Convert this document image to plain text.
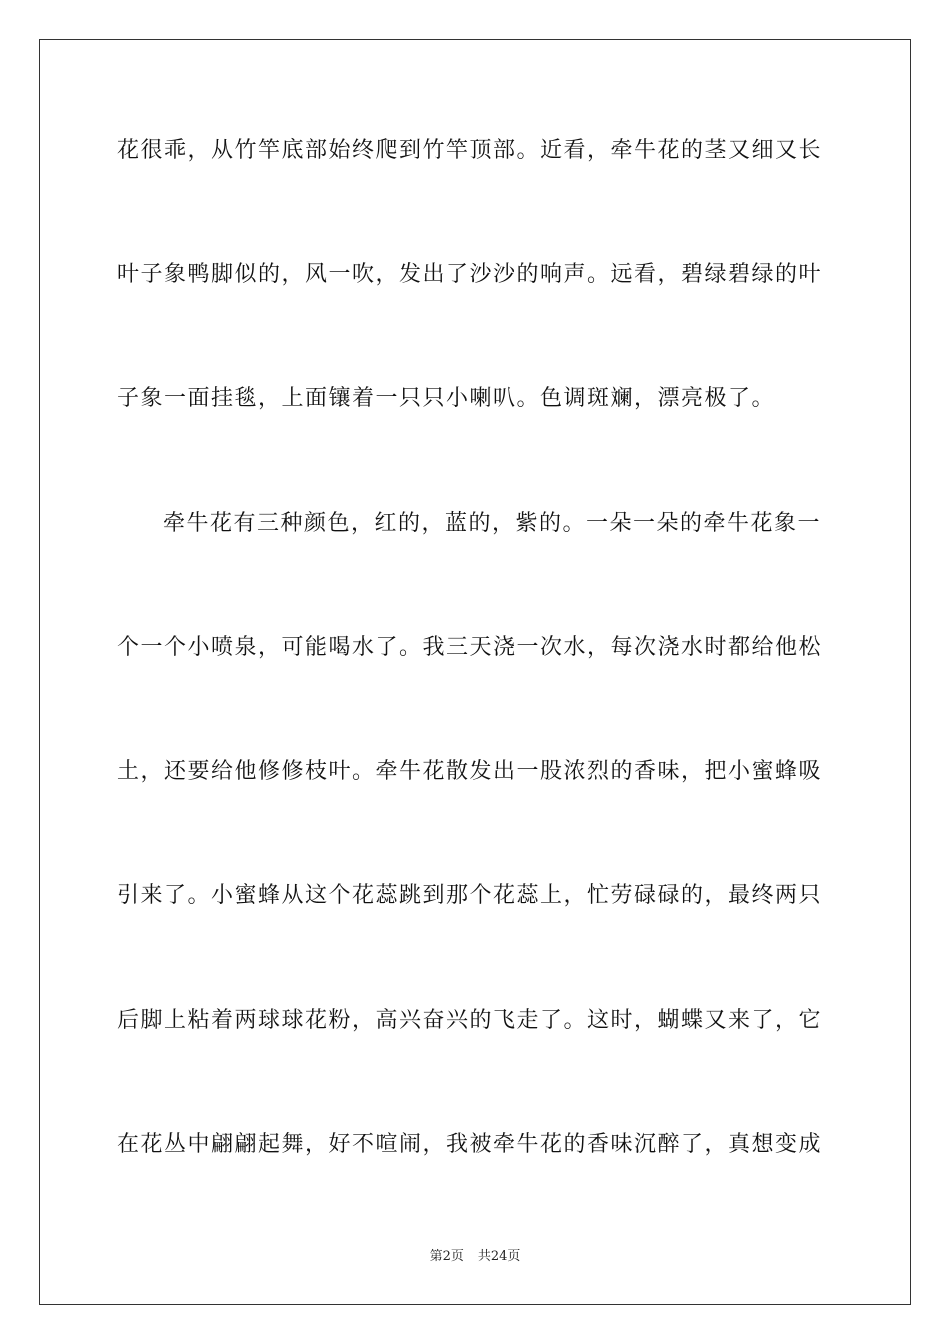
花很乖，从竹竿底部始终爬到竹竿顶部。近看，牵牛花的茎又细又长
叶子象鸭脚似的，风一吹，发出了沙沙的响声。远看，碧绿碧绿的叶
子象一面挂毯，上面镶着一只只小喇叭。色调斑斓，漂亮极了。
牵牛花有三种颜色，红的，蓝的，紫的。一朵一朵的牵牛花象一
个一个小喷泉，可能喝水了。我三天浇一次水，每次浇水时都给他松
土，还要给他修修枝叶。牵牛花散发出一股浓烈的香味，把小蜜蜂吸
引来了。小蜜蜂从这个花蕊跳到那个花蕊上，忙劳碌碌的，最终两只
后脚上粘着两球球花粉，高兴奋兴的飞走了。这时，蝴蝶又来了，它
在花丛中翩翩起舞，好不喧闹，我被牵牛花的香味沉醉了，真想变成
第2页 共24页
